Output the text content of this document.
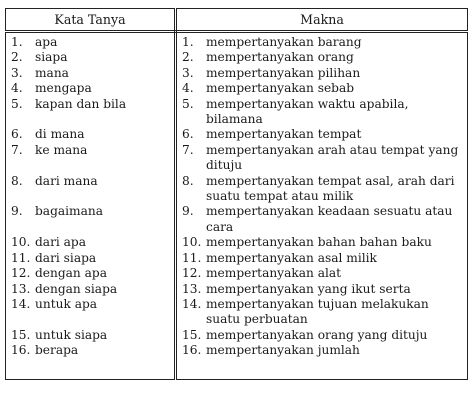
Kata Tanya	Makna

1. apa	1. mempertanyakan barang

2. siapa	2. mempertanyakan orang

3. mana	3. mempertanyakan pilihan

4. mengapa	4. mempertanyakan sebab

5. kapan dan bila	5. mempertanyakan waktu apabila, bilamana

6. di mana	6. mempertanyakan tempat

7. ke mana	7. mempertanyakan arah atau tempat yang dituju

8. dari mana	8. mempertanyakan tempat asal, arah dari suatu tempat atau milik

9. bagaimana	9. mempertanyakan keadaan sesuatu atau cara

10. dari apa	10. mempertanyakan bahan bahan baku

11. dari siapa	11. mempertanyakan asal milik

12. dengan apa	12. mempertanyakan alat

13. dengan siapa	13. mempertanyakan yang ikut serta

14. untuk apa	14. mempertanyakan tujuan melakukan suatu perbuatan

15. untuk siapa	15. mempertanyakan orang yang dituju

16. berapa	16. mempertanyakan jumlah
